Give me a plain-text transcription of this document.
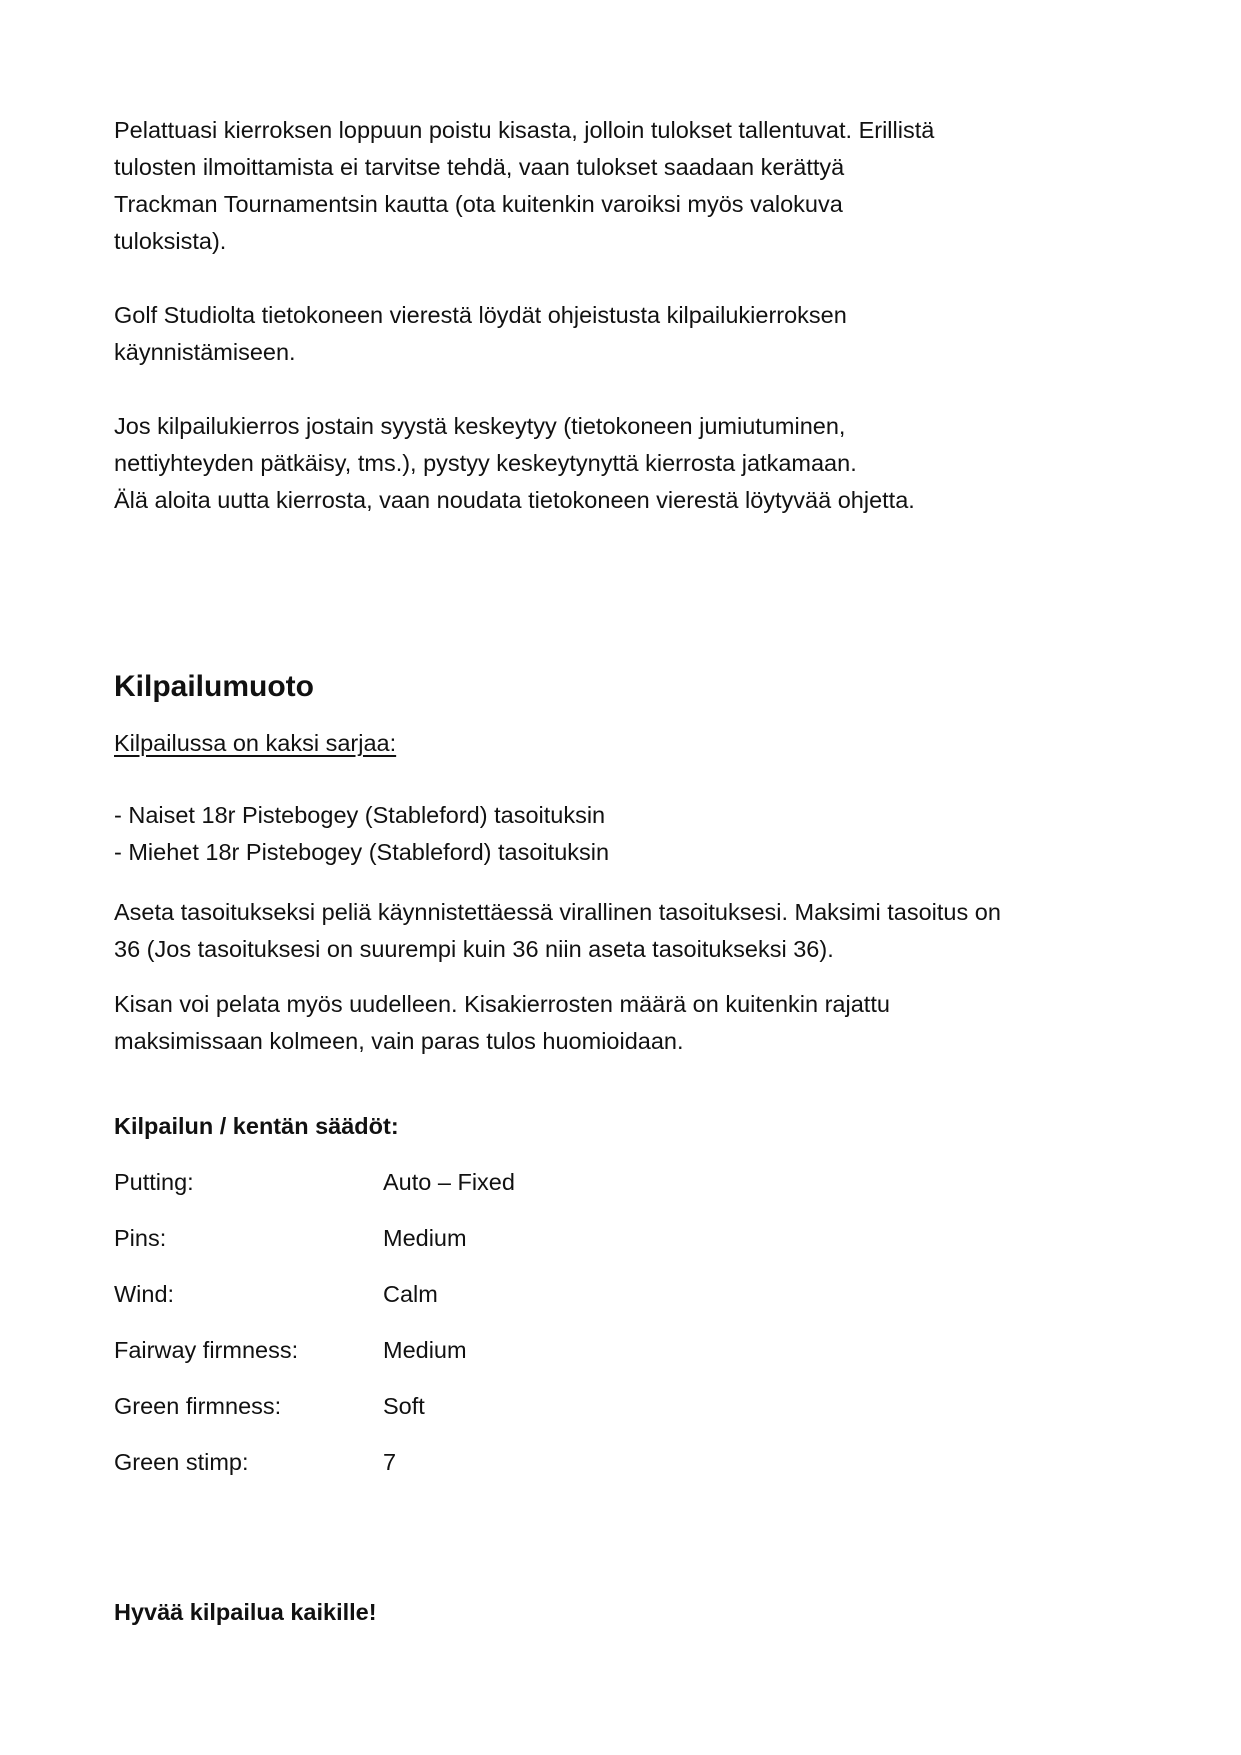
Pelattuasi kierroksen loppuun poistu kisasta, jolloin tulokset tallentuvat. Erillistä
tulosten ilmoittamista ei tarvitse tehdä, vaan tulokset saadaan kerättyä
Trackman Tournamentsin kautta (ota kuitenkin varoiksi myös valokuva
tuloksista).

Golf Studiolta tietokoneen vierestä löydät ohjeistusta kilpailukierroksen
käynnistämiseen.

Jos kilpailukierros jostain syystä keskeytyy (tietokoneen jumiutuminen,
nettiyhteyden pätkäisy, tms.), pystyy keskeytynyttä kierrosta jatkamaan.
Älä aloita uutta kierrosta, vaan noudata tietokoneen vierestä löytyvää ohjetta.

Kilpailumuoto

Kilpailussa on kaksi sarjaa:

- Naiset 18r Pistebogey (Stableford) tasoituksin
- Miehet 18r Pistebogey (Stableford) tasoituksin

Aseta tasoitukseksi peliä käynnistettäessä virallinen tasoituksesi. Maksimi tasoitus on
36 (Jos tasoituksesi on suurempi kuin 36 niin aseta tasoitukseksi 36).

Kisan voi pelata myös uudelleen. Kisakierrosten määrä on kuitenkin rajattu
maksimissaan kolmeen, vain paras tulos huomioidaan.

Kilpailun / kentän säädöt:

Putting:	Auto – Fixed
Pins:	Medium
Wind:	Calm
Fairway firmness:	Medium
Green firmness:	Soft
Green stimp:	7

Hyvää kilpailua kaikille!
